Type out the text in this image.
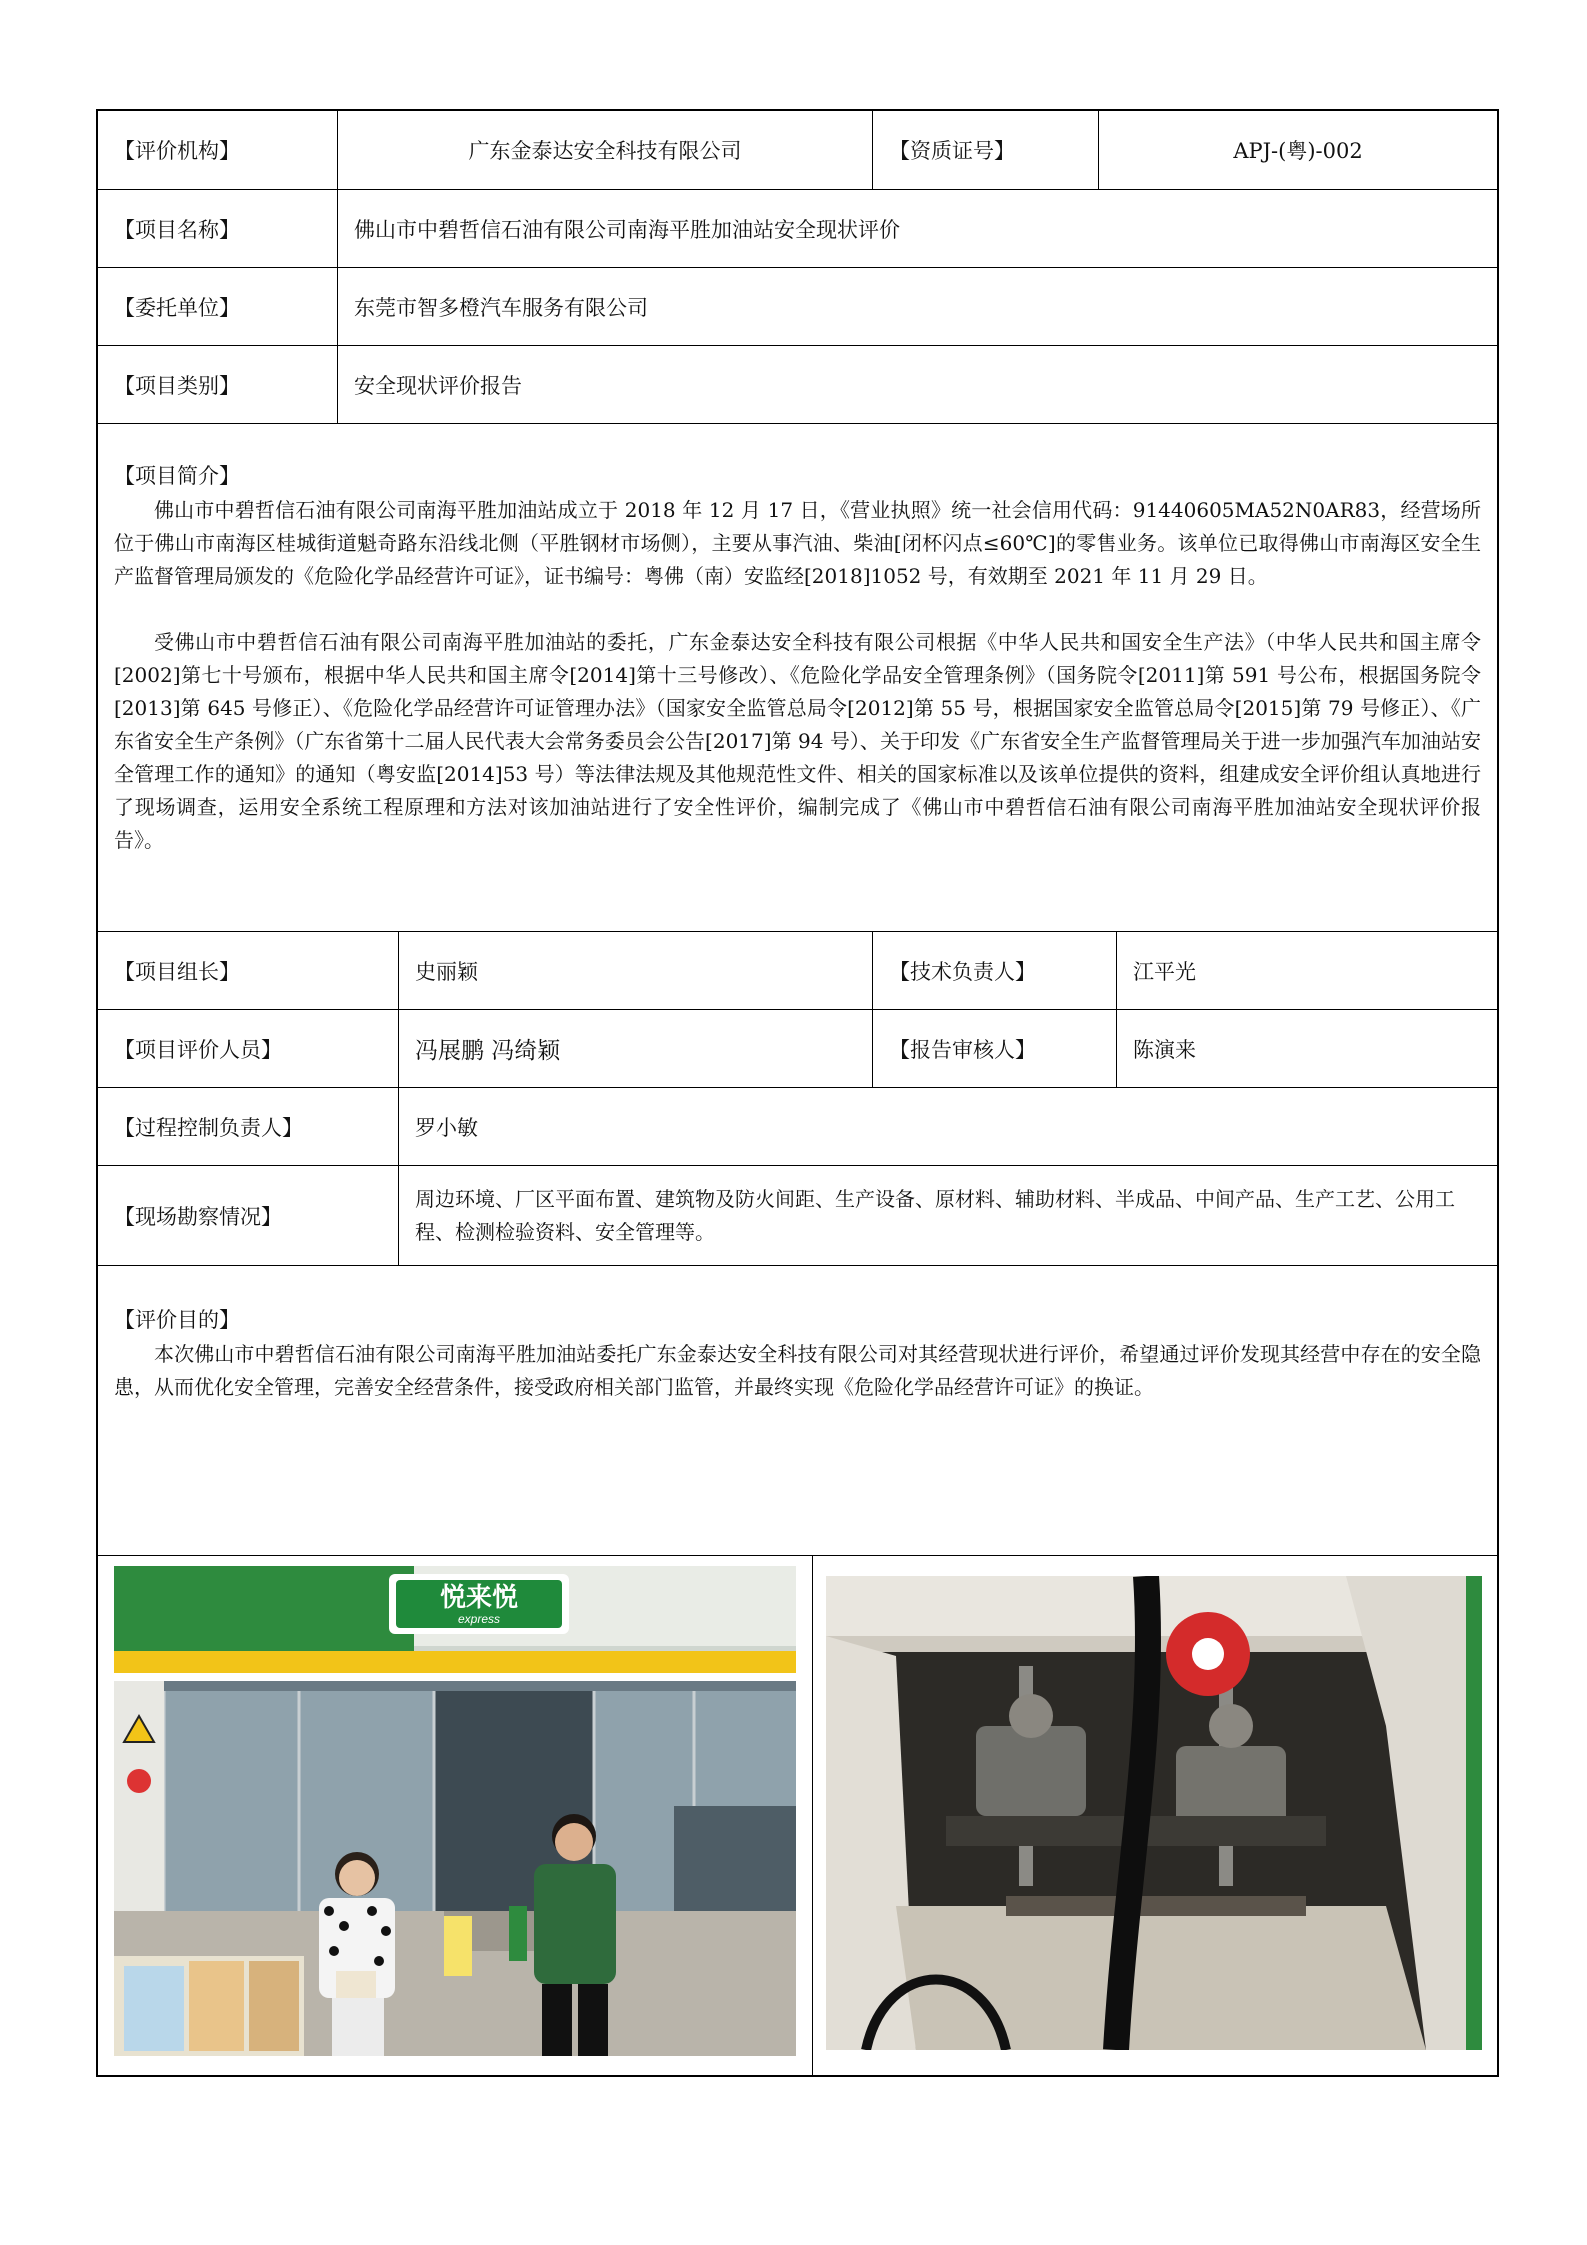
【评价机构】	广东金泰达安全科技有限公司	【资质证号】	APJ-(粤)-002
【项目名称】	佛山市中碧哲信石油有限公司南海平胜加油站安全现状评价
【委托单位】	东莞市智多橙汽车服务有限公司
【项目类别】	安全现状评价报告
【项目简介】

佛山市中碧哲信石油有限公司南海平胜加油站成立于 2018 年 12 月 17 日，《营业执照》统一社会信用代码：91440605MA52N0AR83，经营场所位于佛山市南海区桂城街道魁奇路东沿线北侧（平胜钢材市场侧），主要从事汽油、柴油[闭杯闪点≤60℃]的零售业务。该单位已取得佛山市南海区安全生产监督管理局颁发的《危险化学品经营许可证》，证书编号：粤佛（南）安监经[2018]1052 号，有效期至 2021 年 11 月 29 日。

受佛山市中碧哲信石油有限公司南海平胜加油站的委托，广东金泰达安全科技有限公司根据《中华人民共和国安全生产法》（中华人民共和国主席令[2002]第七十号颁布，根据中华人民共和国主席令[2014]第十三号修改）、《危险化学品安全管理条例》（国务院令[2011]第 591 号公布，根据国务院令[2013]第 645 号修正）、《危险化学品经营许可证管理办法》（国家安全监管总局令[2012]第 55 号，根据国家安全监管总局令[2015]第 79 号修正）、《广东省安全生产条例》（广东省第十二届人民代表大会常务委员会公告[2017]第 94 号）、关于印发《广东省安全生产监督管理局关于进一步加强汽车加油站安全管理工作的通知》的通知（粤安监[2014]53 号）等法律法规及其他规范性文件、相关的国家标准以及该单位提供的资料，组建成安全评价组认真地进行了现场调查，运用安全系统工程原理和方法对该加油站进行了安全性评价，编制完成了《佛山市中碧哲信石油有限公司南海平胜加油站安全现状评价报告》。

【项目组长】	史丽颖	【技术负责人】	江平光
【项目评价人员】	冯展鹏 冯绮颖	【报告审核人】	陈演来
【过程控制负责人】	罗小敏
【现场勘察情况】
周边环境、厂区平面布置、建筑物及防火间距、生产设备、原材料、辅助材料、半成品、中间产品、生产工艺、公用工程、检测检验资料、安全管理等。
【评价目的】

本次佛山市中碧哲信石油有限公司南海平胜加油站委托广东金泰达安全科技有限公司对其经营现状进行评价，希望通过评价发现其经营中存在的安全隐患，从而优化安全管理，完善安全经营条件，接受政府相关部门监管，并最终实现《危险化学品经营许可证》的换证。

悦来悦
express
